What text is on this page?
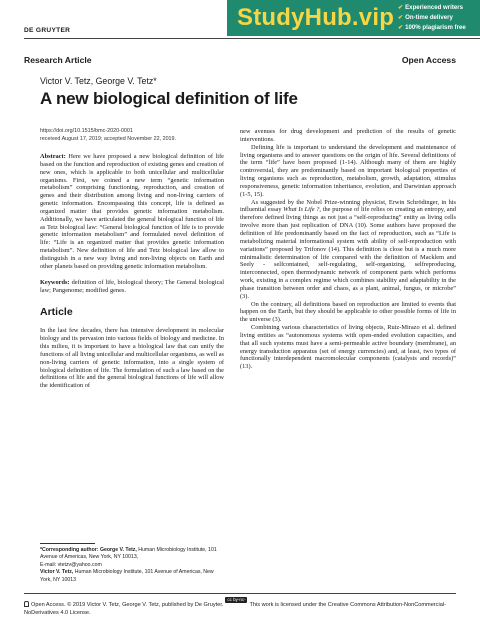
DE GRUYTER	StudyHub.vip ✔ Experienced writers
✔ On-time delivery
✔ 100% plagiarism free
Research Article	Open Access
Victor V. Tetz, George V. Tetz*
A new biological definition of life
https://doi.org/10.1515/bmc-2020-0001
received August 17, 2019; accepted November 22, 2019.

Abstract: Here we have proposed a new biological definition of life based on the function and reproduction of existing genes and creation of new ones, which is applicable to both unicellular and multicellular organisms. First, we coined a new term “genetic information metabolism” comprising functioning, reproduction, and creation of genes and their distribution among living and non-living carriers of genetic information. Encompassing this concept, life is defined as organized matter that provides genetic information metabolism. Additionally, we have articulated the general biological function of life as Tetz biological law: “General biological function of life is to provide genetic information metabolism” and formulated novel definition of life: “Life is an organized matter that provides genetic information metabolism”. New definition of life and Tetz biological law allow to distinguish in a new way living and non-living objects on Earth and other planets based on providing genetic information metabolism.

Keywords: definition of life, biological theory; The General biological law; Pangenome; modified genes.

Article

In the last few decades, there has intensive development in molecular biology and its pervasion into various fields of biology and medicine. In this milieu, it is important to have a biological law that can unify the functions of all living unicellular and multicellular organisms, as well as non-living carriers of genetic information, into a single system of biological definition of life. The formulation of such a law based on the definitions of life and the general biological functions of life will allow the identification of

*Corresponding author: George V. Tetz, Human Microbiology Institute, 101 Avenue of Americas, New York, NY 10013,
E-mail: vtetzv@yahoo.com
Victor V. Tetz, Human Microbiology Institute, 101 Avenue of Americas, New York, NY 10013

new avenues for drug development and prediction of the results of genetic interventions.

Defining life is important to understand the development and maintenance of living organisms and to answer questions on the origin of life. Several definitions of the term “life” have been proposed (1-14). Although many of them are highly controversial, they are predominantly based on important biological properties of living organisms such as reproduction, metabolism, growth, adaptation, stimulus responsiveness, genetic information inheritance, evolution, and Darwinian approach (1-5, 15).

As suggested by the Nobel Prize-winning physicist, Erwin Schrödinger, in his influential essay What Is Life ?, the purpose of life relies on creating an entropy, and therefore defined living things as not just a “self-reproducing” entity as living cells involve more than just replication of DNA (10). Some authors have proposed the definition of life predominantly based on the fact of reproduction, such as “Life is metabolizing material informational system with ability of self-reproduction with variations” proposed by Trifonov (14). This definition is close but is a much more minimalistic determination of life compared with the definition of Macklem and Seely - selfcontained, self-regulating, self-organizing, selfreproducing, interconnected, open thermodynamic network of component parts which performs work, existing in a complex regime which combines stability and adaptability in the phase transition between order and chaos, as a plant, animal, fungus, or microbe” (3).

On the contrary, all definitions based on reproduction are limited to events that happen on the Earth, but they should be applicable to other possible forms of life in the universe (3).

Combining various characteristics of living objects, Ruiz-Mirazo et al. defined living entities as “autonomous systems with open-ended evolution capacities, and that all such systems must have a semi-permeable active boundary (membrane), an energy transduction apparatus (set of energy currencies) and, at least, two types of functionally interdependent macromolecular components (catalysts and records)” (13).

Open Access. © 2019 Victor V. Tetz, George V. Tetz, published by De Gruyter.cc by-nc-nd This work is licensed under the Creative Commons Attribution-NonCommercial-NoDerivatives 4.0 License.
